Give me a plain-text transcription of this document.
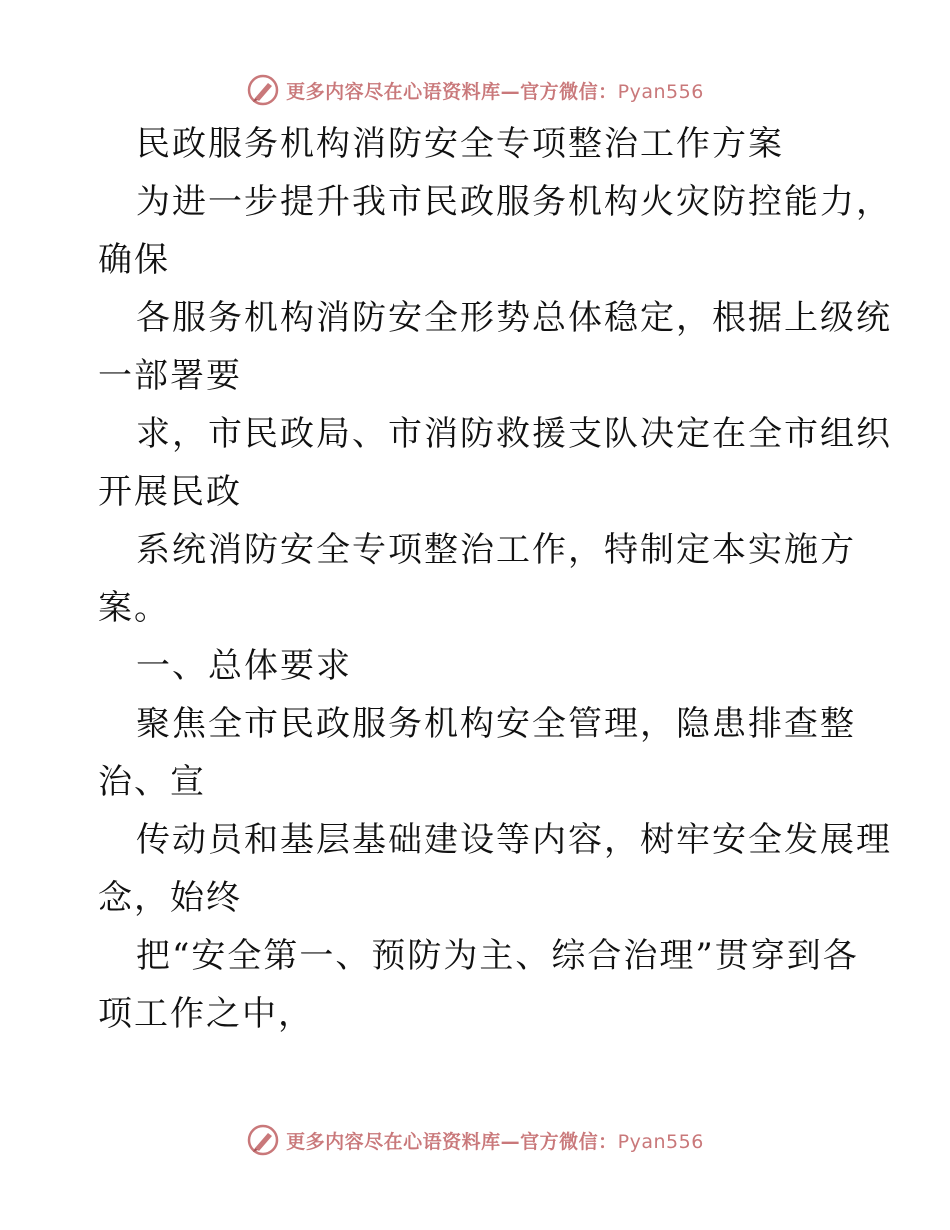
更多内容尽在心语资料库—官方微信：Pyan556

民政服务机构消防安全专项整治工作方案

为进一步提升我市民政服务机构火灾防控能力，

确保

各服务机构消防安全形势总体稳定，根据上级统

一部署要

求，市民政局、市消防救援支队决定在全市组织

开展民政

系统消防安全专项整治工作，特制定本实施方

案。

一、总体要求

聚焦全市民政服务机构安全管理，隐患排查整

治、宣

传动员和基层基础建设等内容，树牢安全发展理

念，始终

把“安全第一、预防为主、综合治理”贯穿到各

项工作之中，

更多内容尽在心语资料库—官方微信：Pyan556
